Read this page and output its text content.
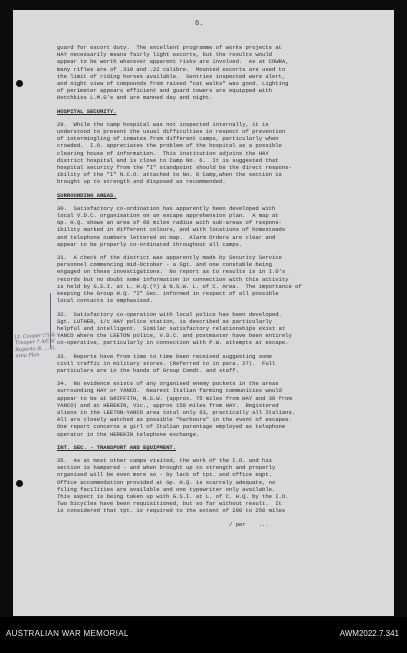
6.
Lt. Cooper (?) & Trooper ? A/Cpl Ruperto B. ... G. area Plan
guard for escort duty.  The excellent programme of works projects at
HAY necessarily means fairly light escorts, but the results would
appear to be worth whatever apparent risks are involved.  As at COWRA,
many rifles are of .310 and .22 calibre.  Mounted escorts are used to
the limit of riding horses available.  Sentries inspected were alert,
and night view of compounds from raised "cat walks" was good. Lighting
of perimeter appears efficient and guard towers are equipped with
Hotchkiss L.M.G's and are manned day and night.
HOSPITAL SECURITY.
29.  While the camp hospital was not inspected internally, it is
understood to present the usual difficulties in respect of prevention
of intermingling of inmates from different camps, particularly when
crowded.  I.O. appreciates the problem of the hospital as a possible
clearing house of information.  This institution adjoins the HAY
district hospital and is close to Camp No. 6.  It is suggested that
hospital security from the "I" standpoint should be the direct respons-
ibility of the "I" N.C.O. attached to No. 6 Camp,when the section is
brought up to strength and disposed as recommended.
SURROUNDING AREAS.
30.  Satisfactory co-ordination has apparently been developed with
local V.D.C. organisation on an escape apprehension plan.  A map at
Gp. H.Q. shows an area of 60 miles radius with sub-areas of respons-
ibility marked in different colours, and with locations of homesteads
and telephone numbers lettered on map.  Alarm Orders are clear and
appear to be properly co-ordinated throughout all camps.
31.  A check of the district was apparently made by Security Service
personnel commencing mid-October - a Sgt. and one constable being
engaged on these investigations.  No report as to results is in I.O's
records but no doubt some information in connection with this activity
is held by G.S.I. at L. H.Q.(?) & N.S.W. L. of C. Area.  The importance of
keeping the Group H.Q. "I" Sec. informed in respect of all possible
local contacts is emphasised.
32.  Satisfactory co-operation with local police has been developed.
Sgt. LUTHER, i/c HAY police station, is described as particularly
helpful and intelligent.  Similar satisfactory relationships exist at
YANCO where the LEETON police, V.D.C. and postmaster have been entirely
co-operative, particularly in connection with P.W. attempts at escape.
33.  Reports have from time to time been received suggesting some
civil traffic in military stores. (Referred to in para. 27).  Full
particulars are in the hands of Group Comdt. and staff.
34.  No evidence exists of any organised enemy pockets in the areas
surrounding HAY or YANCO.  Nearest Italian farming communities would
appear to be at GRIFFITH, N.S.W. (approx. 75 miles from HAY and 30 from
YANCO) and at HEREKIN, Vic., approx 150 miles from HAY.  Registered
aliens in the LEETON-YANCO area total only 63, practically all Italians.
All are closely watched as possible "harbours" in the event of escapes.
One report concerns a girl of Italian parentage employed as telephone
operator in the HEREKIN telephone exchange.
INT. SEC. - TRANSPORT AND EQUIPMENT.
35.  As at most other camps visited, the work of the I.O. and his
section is hampered - and when brought up to strength and properly
organised will be even more so - by lack of tpt. and office eqpt.
Office accommodation provided at Gp. H.Q. is scarcely adequate, no
filing facilities are available and one typewriter only available.
This aspect is being taken up with G.S.I. at L. of C. H.Q. by the I.O.
Two bicycles have been requisitioned, but so far without result.  It
is considered that tpt. is required to the extent of 200 to 250 miles
/ per    ...
AUSTRALIAN WAR MEMORIAL	AWM2022.7.341
